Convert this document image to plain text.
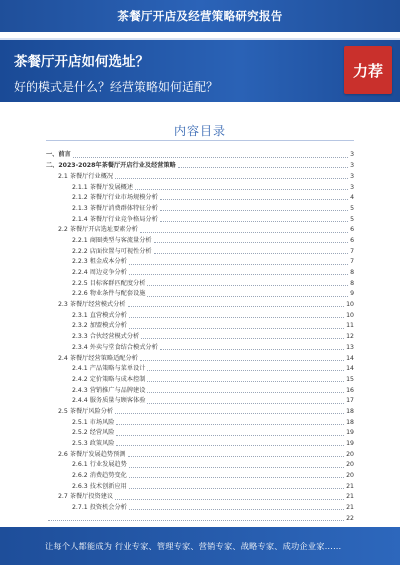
茶餐厅开店及经营策略研究报告
茶餐厅开店如何选址？
好的模式是什么？经营策略如何适配？
力荐
内容目录
一、前言	3
二、2023-2028年茶餐厅开店行业及经营策略	3
2.1 茶餐厅行业概况	3
2.1.1 茶餐厅发展概述	3
2.1.2 茶餐厅行业市场规模分析	4
2.1.3 茶餐厅消费群体特征分析	5
2.1.4 茶餐厅行业竞争格局分析	5
2.2 茶餐厅开店选址要素分析	6
2.2.1 商圈类型与客流量分析	6
2.2.2 店面位置与可视性分析	7
2.2.3 租金成本分析	7
2.2.4 周边竞争分析	8
2.2.5 目标客群匹配度分析	8
2.2.6 物业条件与配套设施	9
2.3 茶餐厅经营模式分析	10
2.3.1 直营模式分析	10
2.3.2 加盟模式分析	11
2.3.3 合伙经营模式分析	12
2.3.4 外卖与堂食结合模式分析	13
2.4 茶餐厅经营策略适配分析	14
2.4.1 产品策略与菜单设计	14
2.4.2 定价策略与成本控制	15
2.4.3 营销推广与品牌建设	16
2.4.4 服务质量与顾客体验	17
2.5 茶餐厅风险分析	18
2.5.1 市场风险	18
2.5.2 经营风险	19
2.5.3 政策风险	19
2.6 茶餐厅发展趋势预测	20
2.6.1 行业发展趋势	20
2.6.2 消费趋势变化	20
2.6.3 技术创新应用	21
2.7 茶餐厅投资建议	21
2.7.1 投资机会分析	21
22
让每个人都能成为 行业专家、管理专家、营销专家、战略专家、成功企业家……
